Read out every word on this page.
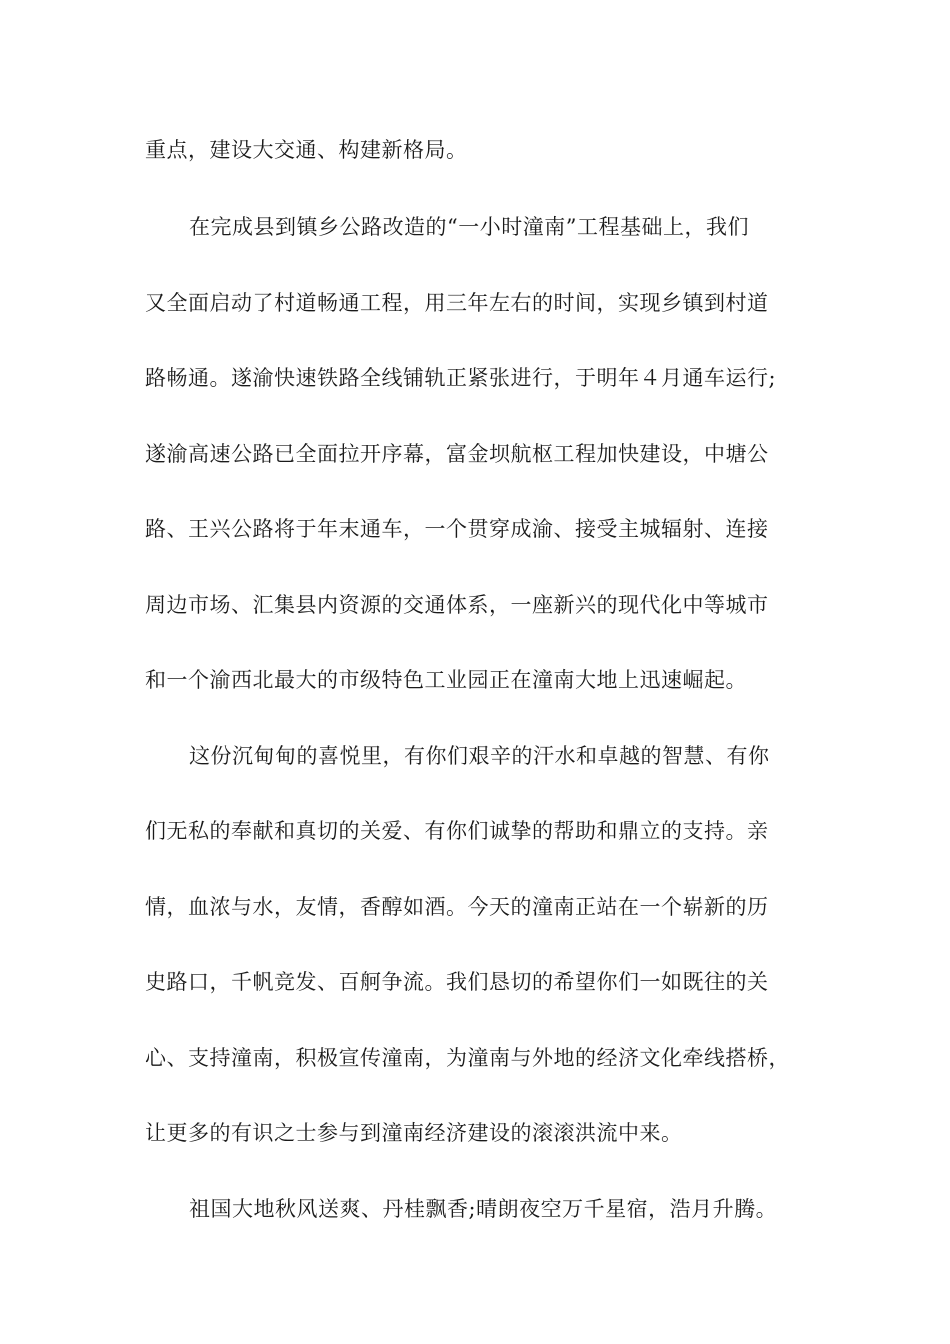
重点，建设大交通、构建新格局。
在完成县到镇乡公路改造的“一小时潼南”工程基础上，我们
又全面启动了村道畅通工程，用三年左右的时间，实现乡镇到村道
路畅通。遂渝快速铁路全线铺轨正紧张进行，于明年４月通车运行;
遂渝高速公路已全面拉开序幕，富金坝航枢工程加快建设，中塘公
路、王兴公路将于年末通车，一个贯穿成渝、接受主城辐射、连接
周边市场、汇集县内资源的交通体系，一座新兴的现代化中等城市
和一个渝西北最大的市级特色工业园正在潼南大地上迅速崛起。
这份沉甸甸的喜悦里，有你们艰辛的汗水和卓越的智慧、有你
们无私的奉献和真切的关爱、有你们诚挚的帮助和鼎立的支持。亲
情，血浓与水，友情，香醇如酒。今天的潼南正站在一个崭新的历
史路口，千帆竞发、百舸争流。我们恳切的希望你们一如既往的关
心、支持潼南，积极宣传潼南，为潼南与外地的经济文化牵线搭桥，
让更多的有识之士参与到潼南经济建设的滚滚洪流中来。
祖国大地秋风送爽、丹桂飘香;晴朗夜空万千星宿，浩月升腾。
